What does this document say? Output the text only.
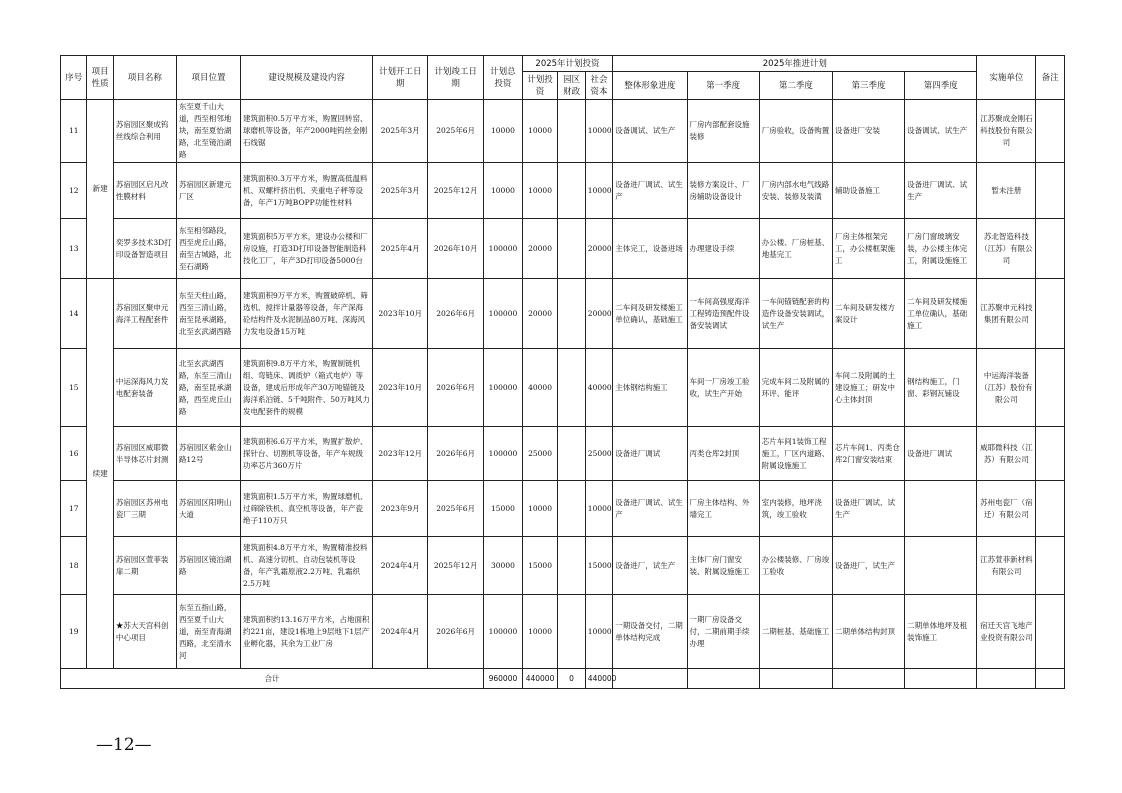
序号	项目性质	项目名称	项目位置	建设规模及建设内容	计划开工日期	计划竣工日期	计划总投资	2025年计划投资			2025年推进计划					实施单位	备注
								计划投资	园区财政	社会资本	整体形象进度	第一季度	第二季度	第三季度	第四季度		
11	新建	苏宿园区聚成钨丝线综合利用	东至夏千山大道，西至相邻地块，南至夏怡湖路，北至镜泊湖路	建筑面积0.5万平方米，购置回转窑、球磨机等设备，年产2000吨钨丝金刚石线锯	2025年3月	2025年6月	10000	10000		10000	设备调试、试生产	厂房内部配套设施装修	厂房验收，设备购置	设备进厂安装	设备调试、试生产	江苏聚成金刚石科技股份有限公司	
12		苏宿园区启凡改性膜材料	苏宿园区新建元厂区	建筑面积0.3万平方米，购置高低温料机、双螺杆挤出机、夹重电子秤等设备，年产1万吨BOPP功能性材料	2025年3月	2025年12月	10000	10000		10000	设备进厂调试、试生产	装修方案设计、厂房辅助设备设计	厂房内部水电气线路安装、装修及装潢	辅助设备施工	设备进厂调试、试生产	暂未注册	
13		奕罗多技术3D打印设备智造项目	东至相邻路段，西至虎丘山路，南至古城路，北至石湖路	建筑面积5万平方米，建设办公楼和厂房设施，打造3D打印设备智能制造科技化工厂，年产3D打印设备5000台	2025年4月	2026年10月	100000	20000		20000	主体完工，设备进场	办理建设手续	办公楼、厂房桩基、地基完工	厂房主体框架完工，办公楼框架施工	厂房门窗玻璃安装，办公楼主体完工，附属设施施工	苏北智造科技（江苏）有限公司	
14	续建	苏宿园区聚申元海洋工程配套件	东至天柱山路，西至三清山路，南至昆承湖路，北至玄武湖西路	建筑面积9万平方米，购置破碎机、筛选机、搅拌计量器等设备，年产深海砼结构件及水泥制品80万吨、深海风力发电设备15万吨	2023年10月	2026年6月	100000	20000		20000	二车间及研发楼施工单位确认，基础施工	一车间高强度海洋工程铸造预配件设备安装调试	一车间锚链配套的构造件设备安装调试，试生产	二车间及研发楼方案设计	二车间及研发楼施工单位确认，基础施工	江苏聚申元科技集团有限公司	
15		中运深海风力发电配套装备	北至玄武湖西路，东至三清山路，南至昆承湖路，西至虎丘山路	建筑面积9.8万平方米，购置制链机组、弯链床、调质炉（箱式电炉）等设备，建成后形成年产30万吨锚链及海洋系泊链、5千吨附件、50万吨风力发电配套件的规模	2023年10月	2026年6月	100000	40000		40000	主体钢结构施工	车间一厂房竣工验收，试生产开始	完成车间二及附属的环评、能评	车间二及附属的土建设施工；研发中心主体封顶	钢结构施工，门窗、彩钢瓦铺设	中运海洋装备（江苏）股份有限公司	
16		苏宿园区威耶微半导体芯片封测	苏宿园区紫金山路12号	建筑面积6.6万平方米，购置扩散炉、探针台、切割机等设备，年产车规级功率芯片360万片	2023年12月	2026年6月	100000	25000		25000	设备进厂调试	丙类仓库2封顶	芯片车间1装饰工程施工，厂区内道路、附属设施施工	芯片车间1、丙类仓库2门窗安装结束	设备进厂调试	威耶微科技（江苏）有限公司	
17		苏宿园区苏州电瓷厂三期	苏宿园区阳明山大道	建筑面积1.5万平方米，购置球磨机、过筛除铁机、真空机等设备，年产瓷绝子110万只	2023年9月	2025年6月	15000	10000		10000	设备进厂调试、试生产	厂房主体结构、外墙完工	室内装修，地坪浇筑，竣工验收	设备进厂调试、试生产		苏州电瓷厂（宿迁）有限公司	
18		苏宿园区萱菲装扉二期	苏宿园区镜泊湖路	建筑面积4.8万平方米，购置精准投料机、高速分切机、自动包装机等设备，年产乳霜原液2.2万吨、乳霜织2.5万吨	2024年4月	2025年12月	30000	15000		15000	设备进厂，试生产	主体厂房门窗安装、附属设施施工	办公楼装修、厂房竣工验收	设备进厂，试生产		江苏萱菲新材料有限公司	
19		★苏大天宫科创中心项目	东至五指山路，西至夏千山大道，南至青海湖西路，北至清水河	建筑面积约13.16万平方米，占地面积约221亩，建设1栋地上9层地下1层产业孵化器，其余为工业厂房	2024年4月	2026年6月	100000	10000		10000	一期设备交付，二期单体结构完成	一期厂房设备交付，二期前期手续办理	二期桩基、基础施工	二期单体结构封顶	二期单体地坪及租装饰施工	宿迁天宫飞地产业投资有限公司	
合计							960000	440000	0	440000							
—12—
